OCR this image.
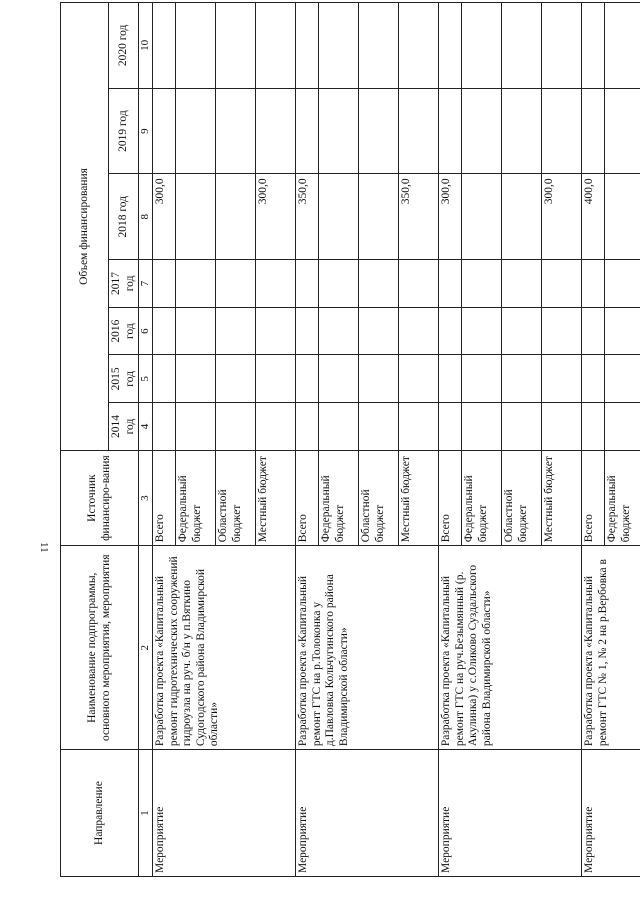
11
Направление	Наименование подпрограммы, основного мероприятия, мероприятия	Источник финансиро-вания	Объем финансирования						
			2014 год	2015 год	2016 год	2017 год	2018 год	2019 год	2020 год
1	2	3	4	5	6	7	8	9	10
Мероприятие	Разработка проекта «Капитальный ремонт гидротехнических сооружений гидроузла на руч. б/н у п.Вяткино Судогодского района Владимирской области»	Всего					300,0		
		Федеральный бюджет							
		Областной бюджет							
		Местный бюджет					300,0		
Мероприятие	Разработка проекта «Капитальный ремонт ГТС на р.Толоконка у д.Павловка Кольчугинского района Владимирской области»	Всего					350,0		
		Федеральный бюджет							
		Областной бюджет							
		Местный бюджет					350,0		
Мероприятие	Разработка проекта «Капитальный ремонт ГТС на руч.Безымянный (р. Акулинка) у с.Оликово Суздальского района Владимирской области»	Всего					300,0		
		Федеральный бюджет							
		Областной бюджет							
		Местный бюджет					300,0		
Мероприятие	Разработка проекта «Капитальный ремонт ГТС № 1, № 2 на р.Вербовка в	Всего					400,0		
		Федеральный бюджет							
